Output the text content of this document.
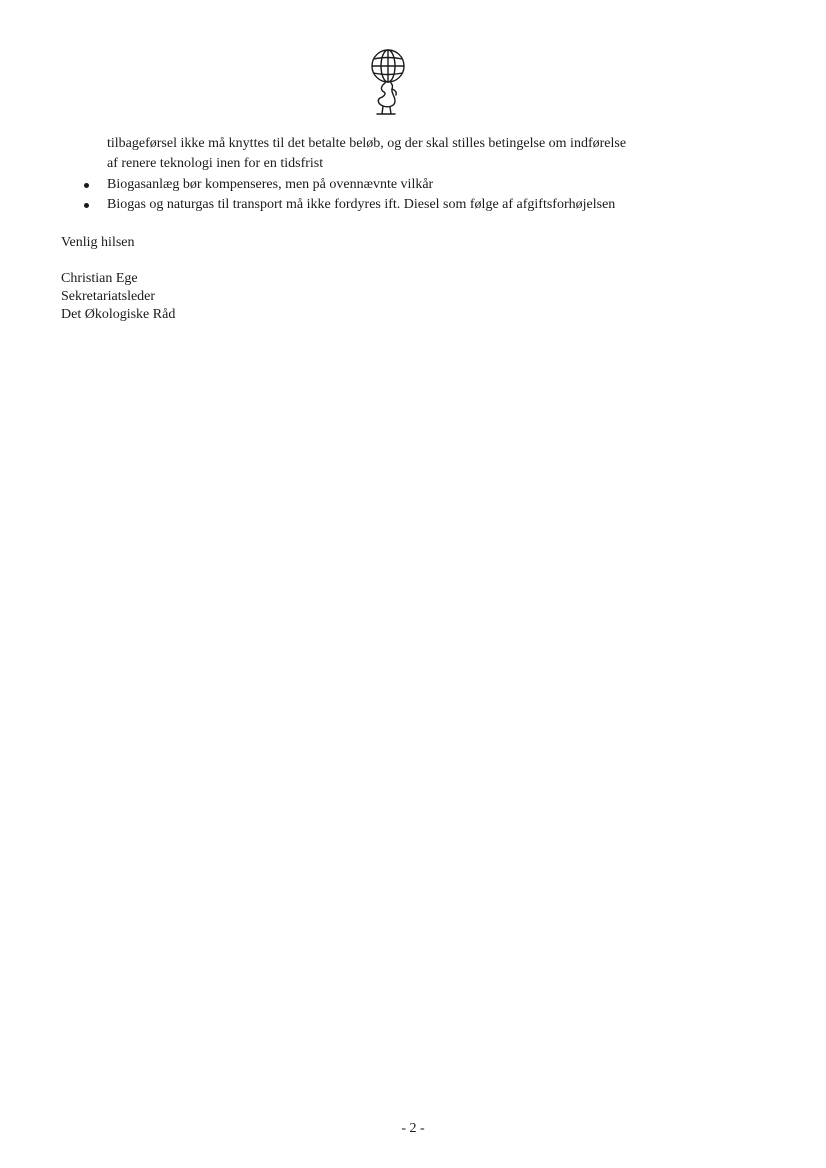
tilbageførsel ikke må knyttes til det betalte beløb, og der skal stilles betingelse om indførelse
af renere teknologi inen for en tidsfrist
Biogasanlæg bør kompenseres, men på ovennævnte vilkår
Biogas og naturgas til transport må ikke fordyres ift. Diesel som følge af afgiftsforhøjelsen
Venlig hilsen
Christian Ege
Sekretariatsleder
Det Økologiske Råd
- 2 -
